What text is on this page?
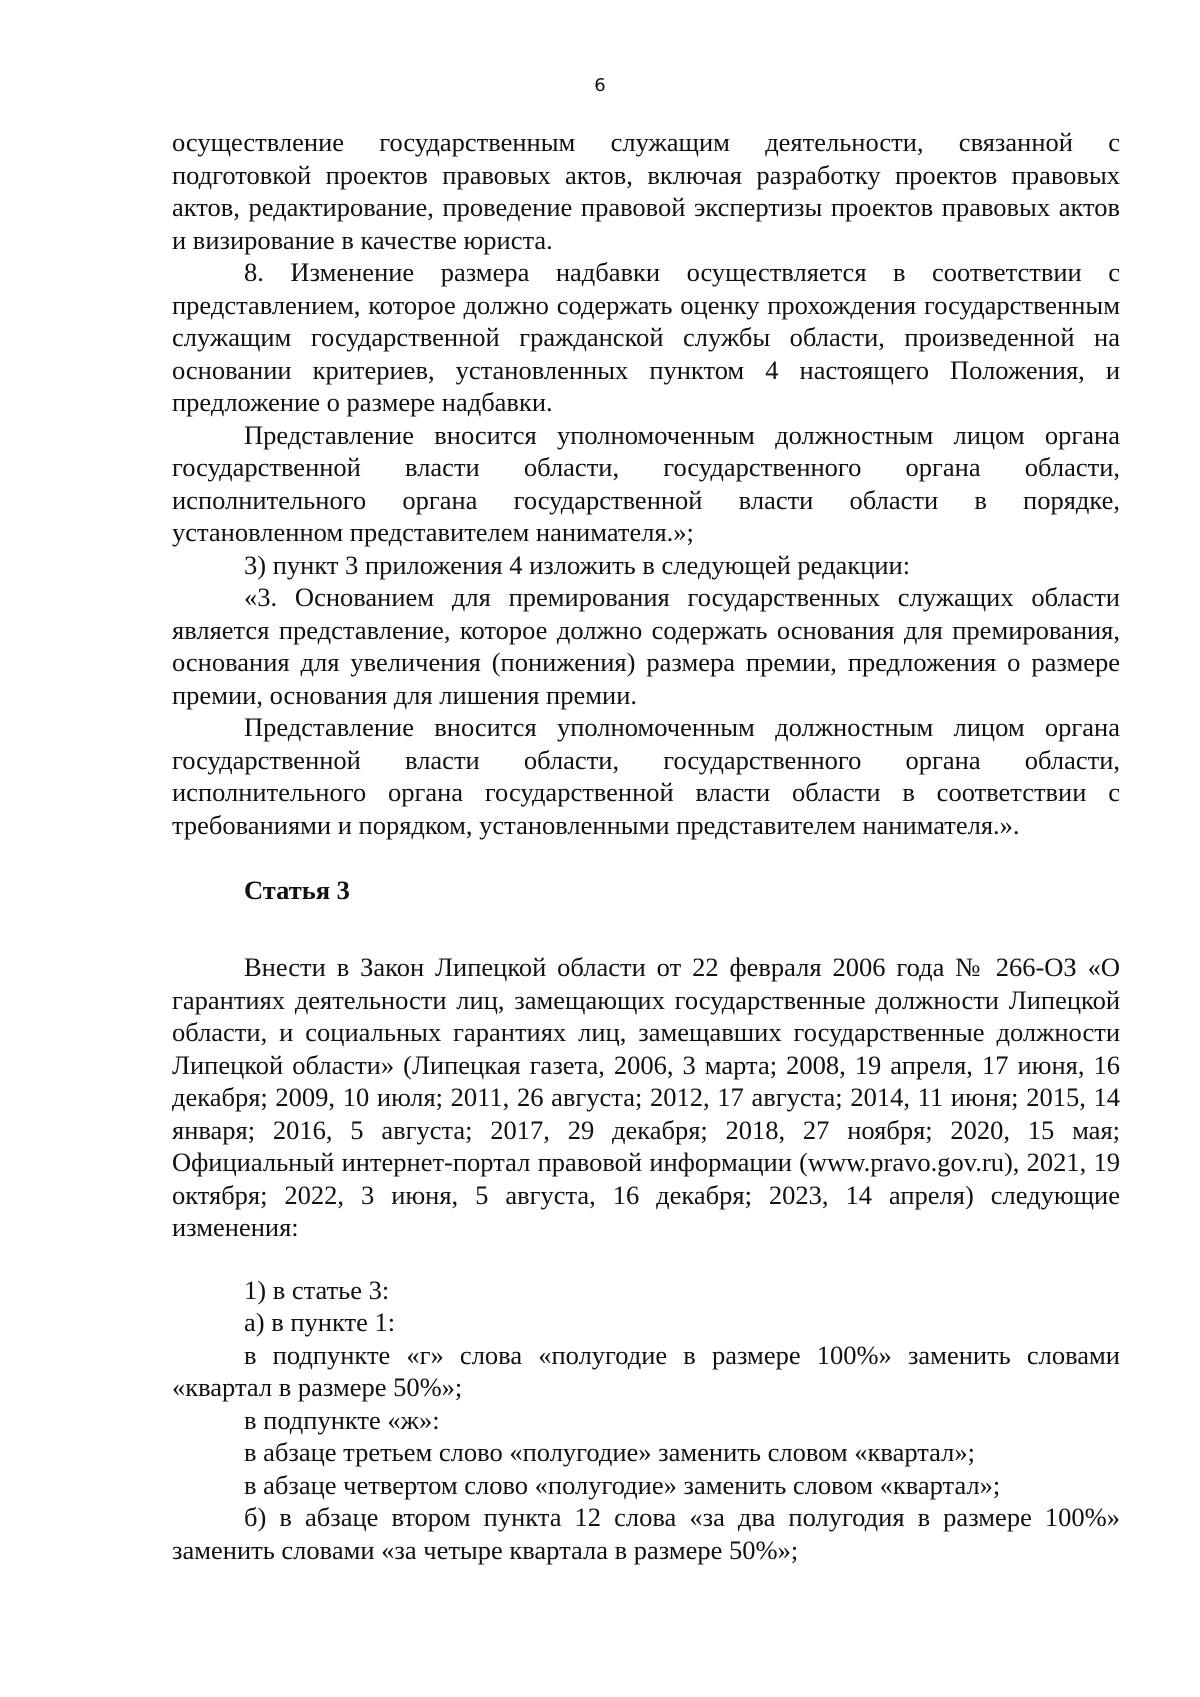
6

осуществление государственным служащим деятельности, связанной с подготовкой проектов правовых актов, включая разработку проектов правовых актов, редактирование, проведение правовой экспертизы проектов правовых актов и визирование в качестве юриста.

8. Изменение размера надбавки осуществляется в соответствии с представлением, которое должно содержать оценку прохождения государственным служащим государственной гражданской службы области, произведенной на основании критериев, установленных пунктом 4 настоящего Положения, и предложение о размере надбавки.

Представление вносится уполномоченным должностным лицом органа государственной власти области, государственного органа области, исполнительного органа государственной власти области в порядке, установленном представителем нанимателя.»;

3) пункт 3 приложения 4 изложить в следующей редакции:

«3. Основанием для премирования государственных служащих области является представление, которое должно содержать основания для премирования, основания для увеличения (понижения) размера премии, предложения о размере премии, основания для лишения премии.

Представление вносится уполномоченным должностным лицом органа государственной власти области, государственного органа области, исполнительного органа государственной власти области в соответствии с требованиями и порядком, установленными представителем нанимателя.».

Статья 3

Внести в Закон Липецкой области от 22 февраля 2006 года № 266-ОЗ «О гарантиях деятельности лиц, замещающих государственные должности Липецкой области, и социальных гарантиях лиц, замещавших государственные должности Липецкой области» (Липецкая газета, 2006, 3 марта; 2008, 19 апреля, 17 июня, 16 декабря; 2009, 10 июля; 2011, 26 августа; 2012, 17 августа; 2014, 11 июня; 2015, 14 января; 2016, 5 августа; 2017, 29 декабря; 2018, 27 ноября; 2020, 15 мая; Официальный интернет-портал правовой информации (www.pravo.gov.ru), 2021, 19 октября; 2022, 3 июня, 5 августа, 16 декабря; 2023, 14 апреля) следующие изменения:

1) в статье 3:

а) в пункте 1:

в подпункте «г» слова «полугодие в размере 100%» заменить словами «квартал в размере 50%»;

в подпункте «ж»:

в абзаце третьем слово «полугодие» заменить словом «квартал»;

в абзаце четвертом слово «полугодие» заменить словом «квартал»;

б) в абзаце втором пункта 12 слова «за два полугодия в размере 100%» заменить словами «за четыре квартала в размере 50%»;
